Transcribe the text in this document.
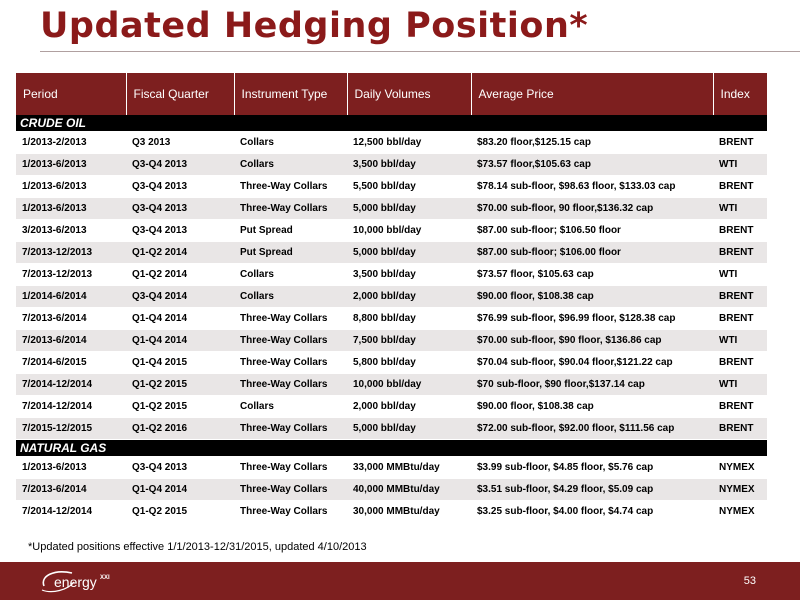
Updated Hedging Position*
Period	Fiscal Quarter	Instrument Type	Daily Volumes	Average Price	Index
CRUDE OIL					
1/2013-2/2013	Q3 2013	Collars	12,500 bbl/day	$83.20 floor,$125.15 cap	BRENT
1/2013-6/2013	Q3-Q4 2013	Collars	3,500 bbl/day	$73.57 floor,$105.63 cap	WTI
1/2013-6/2013	Q3-Q4 2013	Three-Way Collars	5,500 bbl/day	$78.14 sub-floor, $98.63 floor, $133.03 cap	BRENT
1/2013-6/2013	Q3-Q4 2013	Three-Way Collars	5,000 bbl/day	$70.00 sub-floor, 90 floor,$136.32 cap	WTI
3/2013-6/2013	Q3-Q4 2013	Put Spread	10,000 bbl/day	$87.00 sub-floor; $106.50 floor	BRENT
7/2013-12/2013	Q1-Q2 2014	Put Spread	5,000 bbl/day	$87.00 sub-floor; $106.00 floor	BRENT
7/2013-12/2013	Q1-Q2 2014	Collars	3,500 bbl/day	$73.57 floor, $105.63 cap	WTI
1/2014-6/2014	Q3-Q4 2014	Collars	2,000 bbl/day	$90.00 floor, $108.38 cap	BRENT
7/2013-6/2014	Q1-Q4 2014	Three-Way Collars	8,800 bbl/day	$76.99 sub-floor, $96.99 floor, $128.38 cap	BRENT
7/2013-6/2014	Q1-Q4 2014	Three-Way Collars	7,500 bbl/day	$70.00 sub-floor, $90 floor, $136.86 cap	WTI
7/2014-6/2015	Q1-Q4 2015	Three-Way Collars	5,800 bbl/day	$70.04 sub-floor, $90.04 floor,$121.22 cap	BRENT
7/2014-12/2014	Q1-Q2 2015	Three-Way Collars	10,000 bbl/day	$70 sub-floor, $90 floor,$137.14 cap	WTI
7/2014-12/2014	Q1-Q2 2015	Collars	2,000 bbl/day	$90.00 floor, $108.38 cap	BRENT
7/2015-12/2015	Q1-Q2 2016	Three-Way Collars	5,000 bbl/day	$72.00 sub-floor, $92.00 floor, $111.56 cap	BRENT
NATURAL GAS					
1/2013-6/2013	Q3-Q4 2013	Three-Way Collars	33,000 MMBtu/day	$3.99 sub-floor, $4.85 floor, $5.76 cap	NYMEX
7/2013-6/2014	Q1-Q4 2014	Three-Way Collars	40,000 MMBtu/day	$3.51 sub-floor, $4.29 floor, $5.09 cap	NYMEX
7/2014-12/2014	Q1-Q2 2015	Three-Way Collars	30,000 MMBtu/day	$3.25 sub-floor, $4.00 floor, $4.74 cap	NYMEX
*Updated positions effective 1/1/2013-12/31/2015, updated 4/10/2013
energy XXI	53
